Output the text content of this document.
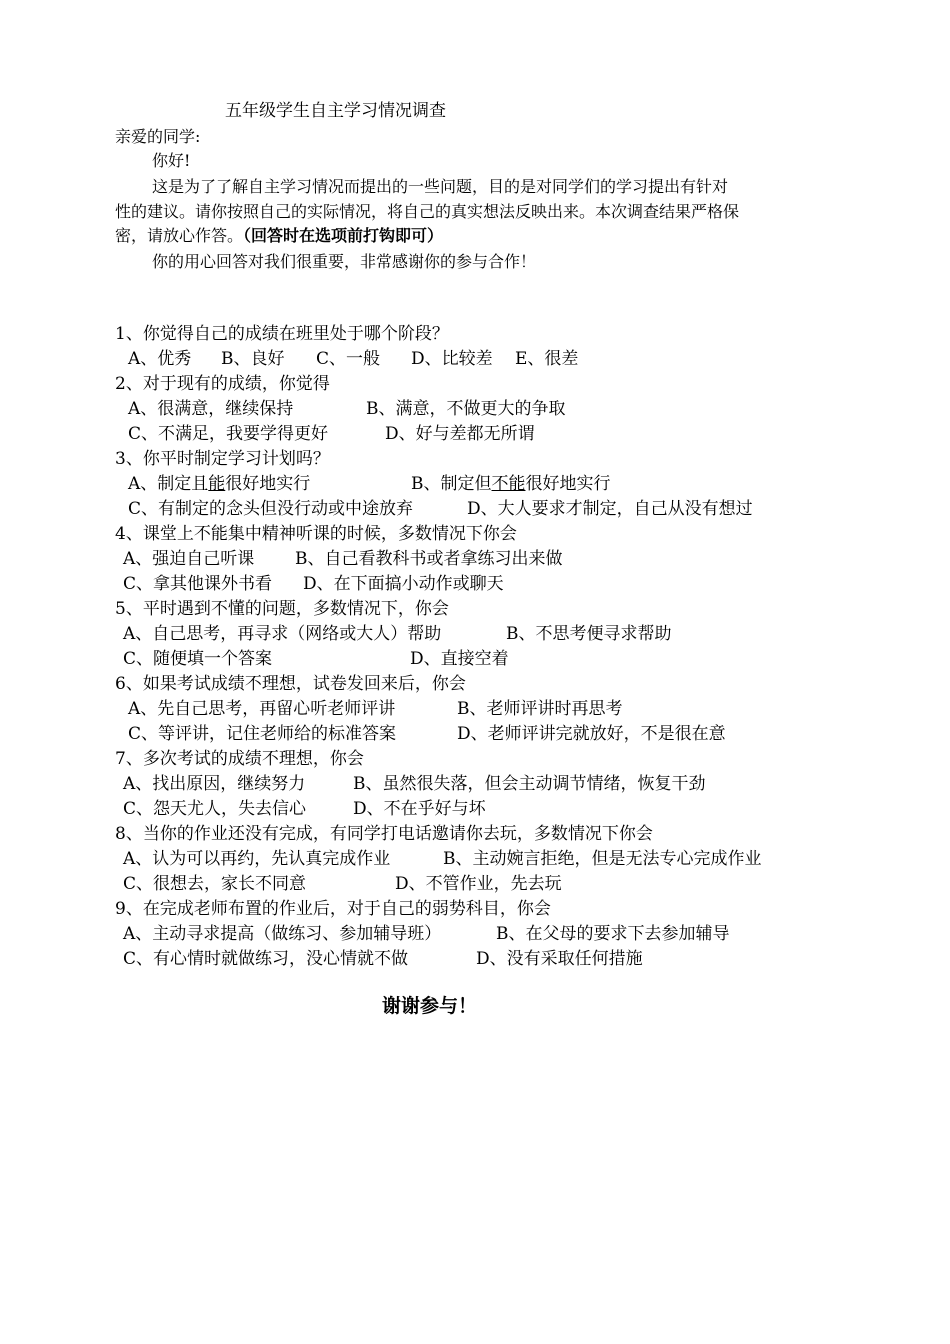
五年级学生自主学习情况调查
亲爱的同学:
你好!
这是为了了解自主学习情况而提出的一些问题，目的是对同学们的学习提出有针对
性的建议。请你按照自己的实际情况，将自己的真实想法反映出来。本次调查结果严格保
密，请放心作答。（回答时在选项前打钩即可）
你的用心回答对我们很重要，非常感谢你的参与合作！
1、你觉得自己的成绩在班里处于哪个阶段？
A、优秀 B、良好 C、一般 D、比较差 E、很差
2、对于现有的成绩，你觉得
A、很满意，继续保持	B、满意，不做更大的争取
C、不满足，我要学得更好	D、好与差都无所谓
3、你平时制定学习计划吗？
A、制定且能很好地实行	B、制定但不能很好地实行
C、有制定的念头但没行动或中途放弃	D、大人要求才制定，自己从没有想过
4、课堂上不能集中精神听课的时候，多数情况下你会
A、强迫自己听课 B、自己看教科书或者拿练习出来做
C、拿其他课外书看 D、在下面搞小动作或聊天
5、平时遇到不懂的问题，多数情况下，你会
A、自己思考，再寻求（网络或大人）帮助	B、不思考便寻求帮助
C、随便填一个答案	D、直接空着
6、如果考试成绩不理想，试卷发回来后，你会
A、先自己思考，再留心听老师评讲	B、老师评讲时再思考
C、等评讲，记住老师给的标准答案	D、老师评讲完就放好，不是很在意
7、多次考试的成绩不理想，你会
A、找出原因，继续努力	B、虽然很失落，但会主动调节情绪，恢复干劲
C、怨天尤人，失去信心	D、不在乎好与坏
8、当你的作业还没有完成，有同学打电话邀请你去玩，多数情况下你会
A、认为可以再约，先认真完成作业	B、主动婉言拒绝，但是无法专心完成作业
C、很想去，家长不同意	D、不管作业，先去玩
9、在完成老师布置的作业后，对于自己的弱势科目，你会
A、主动寻求提高（做练习、参加辅导班）	B、在父母的要求下去参加辅导
C、有心情时就做练习，没心情就不做	D、没有采取任何措施
谢谢参与！
